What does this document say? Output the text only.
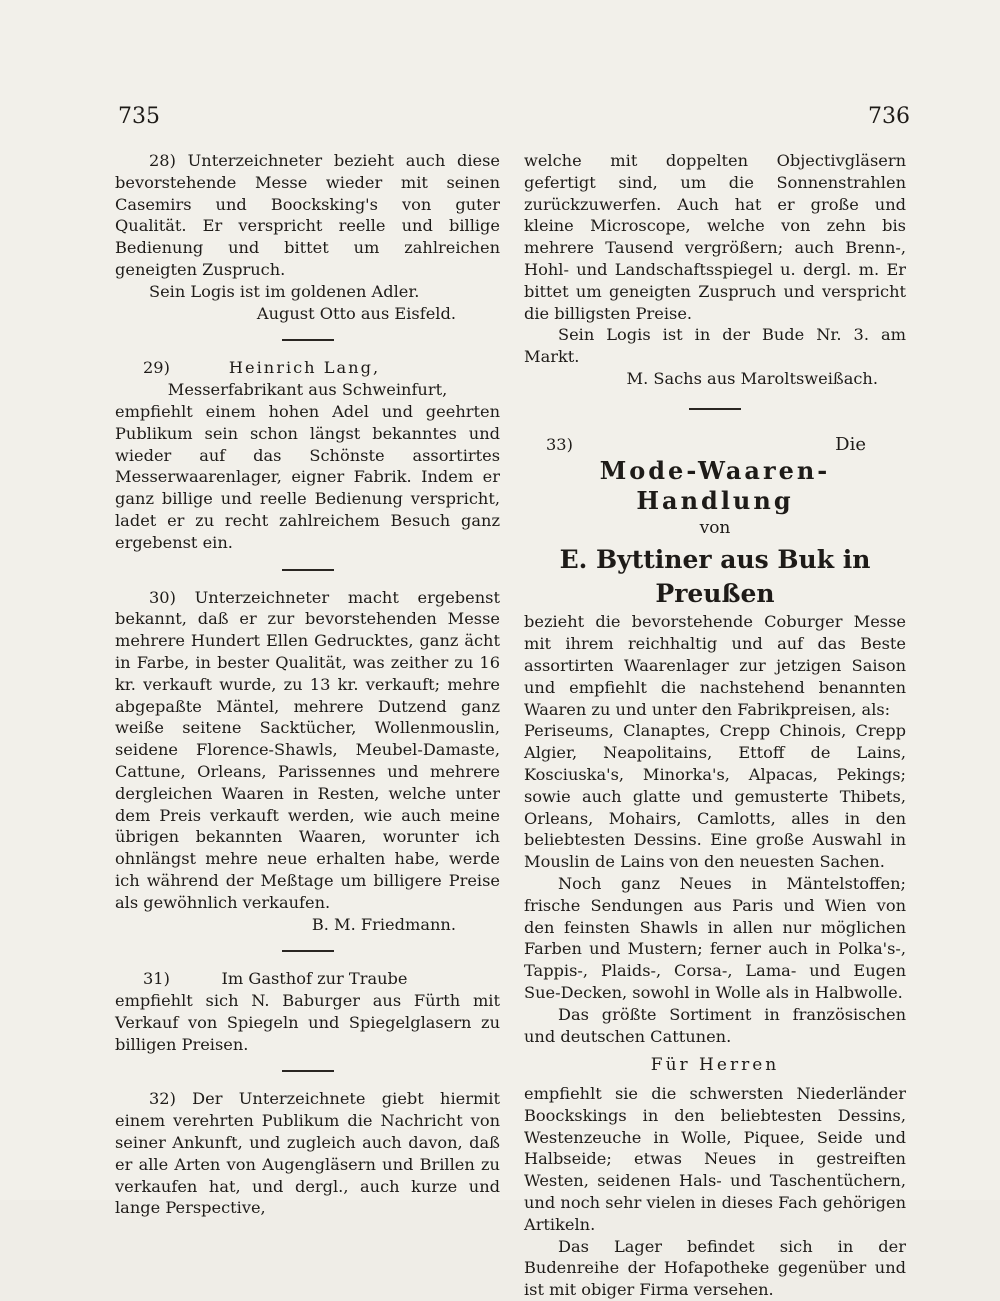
735	736

28) Unterzeichneter bezieht auch diese bevorstehende Messe wieder mit seinen Casemirs und Boocksking's von guter Qualität. Er verspricht reelle und billige Bedienung und bittet um zahlreichen geneigten Zuspruch.

Sein Logis ist im goldenen Adler.

August Otto aus Eisfeld.

29)	Heinrich Lang,

Messerfabrikant aus Schweinfurt,

empfiehlt einem hohen Adel und geehrten Publikum sein schon längst bekanntes und wieder auf das Schönste assortirtes Messerwaarenlager, eigner Fabrik. Indem er ganz billige und reelle Bedienung verspricht, ladet er zu recht zahlreichem Besuch ganz ergebenst ein.

30) Unterzeichneter macht ergebenst bekannt, daß er zur bevorstehenden Messe mehrere Hundert Ellen Gedrucktes, ganz ächt in Farbe, in bester Qualität, was zeither zu 16 kr. verkauft wurde, zu 13 kr. verkauft; mehre abgepaßte Mäntel, mehrere Dutzend ganz weiße seitene Sacktücher, Wollenmouslin, seidene Florence-Shawls, Meubel-Damaste, Cattune, Orleans, Parissennes und mehrere dergleichen Waaren in Resten, welche unter dem Preis verkauft werden, wie auch meine übrigen bekannten Waaren, worunter ich ohnlängst mehre neue erhalten habe, werde ich während der Meßtage um billigere Preise als gewöhnlich verkaufen.

B. M. Friedmann.

31)	Im Gasthof zur Traube

empfiehlt sich N. Baburger aus Fürth mit Verkauf von Spiegeln und Spiegelglasern zu billigen Preisen.

32) Der Unterzeichnete giebt hiermit einem verehrten Publikum die Nachricht von seiner Ankunft, und zugleich auch davon, daß er alle Arten von Augengläsern und Brillen zu verkaufen hat, und dergl., auch kurze und lange Perspective,

welche mit doppelten Objectivgläsern gefertigt sind, um die Sonnenstrahlen zurückzuwerfen. Auch hat er große und kleine Microscope, welche von zehn bis mehrere Tausend vergrößern; auch Brenn-, Hohl- und Landschaftsspiegel u. dergl. m. Er bittet um geneigten Zuspruch und verspricht die billigsten Preise.

Sein Logis ist in der Bude Nr. 3. am Markt.

M. Sachs aus Maroltsweißach.

33)	Die

Mode-Waaren-Handlung

von

E. Byttiner aus Buk in Preußen

bezieht die bevorstehende Coburger Messe mit ihrem reichhaltig und auf das Beste assortirten Waarenlager zur jetzigen Saison und empfiehlt die nachstehend benannten Waaren zu und unter den Fabrikpreisen, als:

Periseums, Clanaptes, Crepp Chinois, Crepp Algier, Neapolitains, Ettoff de Lains, Kosciuska's, Minorka's, Alpacas, Pekings; sowie auch glatte und gemusterte Thibets, Orleans, Mohairs, Camlotts, alles in den beliebtesten Dessins. Eine große Auswahl in Mouslin de Lains von den neuesten Sachen.

Noch ganz Neues in Mäntelstoffen; frische Sendungen aus Paris und Wien von den feinsten Shawls in allen nur möglichen Farben und Mustern; ferner auch in Polka's-, Tappis-, Plaids-, Corsa-, Lama- und Eugen Sue-Decken, sowohl in Wolle als in Halbwolle.

Das größte Sortiment in französischen und deutschen Cattunen.

Für Herren

empfiehlt sie die schwersten Niederländer Boockskings in den beliebtesten Dessins, Westenzeuche in Wolle, Piquee, Seide und Halbseide; etwas Neues in gestreiften Westen, seidenen Hals- und Taschentüchern, und noch sehr vielen in dieses Fach gehörigen Artikeln.

Das Lager befindet sich in der Budenreihe der Hofapotheke gegenüber und ist mit obiger Firma versehen.
